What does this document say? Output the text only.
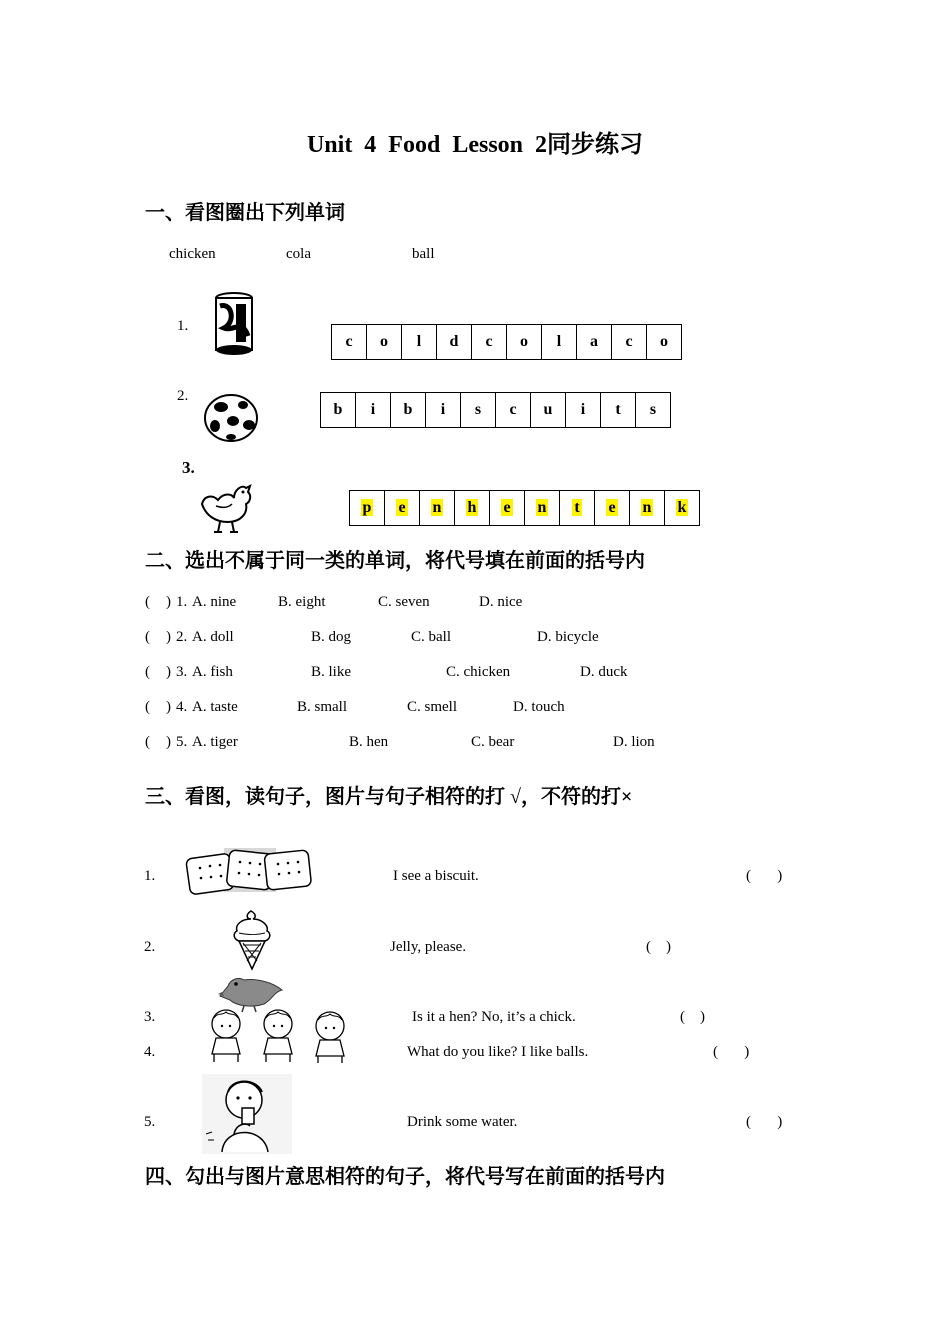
Unit 4 Food Lesson 2同步练习
一、看图圈出下列单词
chicken	cola	ball
1.
c	o	l	d	c	o	l	a	c	o
2.
b	i	b	i	s	c	u	i	t	s
3.
p	e	n	h	e	n	t	e	n	k
二、选出不属于同一类的单词，将代号填在前面的括号内
( ) 1. A. nine	B. eight	C. seven	D. nice
( ) 2. A. doll	B. dog	C. ball	D. bicycle
( ) 3. A. fish	B. like	C. chicken	D. duck
( ) 4. A. taste	B. small	C. smell	D. touch
( ) 5. A. tiger	B. hen	C. bear	D. lion
三、看图，读句子，图片与句子相符的打 √，不符的打×
1.	I see a biscuit.	(       )
2.	Jelly, please.	(    )
3.	Is it a hen? No, it’s a chick.	(    )
4.	What do you like? I like balls.	(       )
5.	Drink some water.	(       )
四、勾出与图片意思相符的句子，将代号写在前面的括号内
